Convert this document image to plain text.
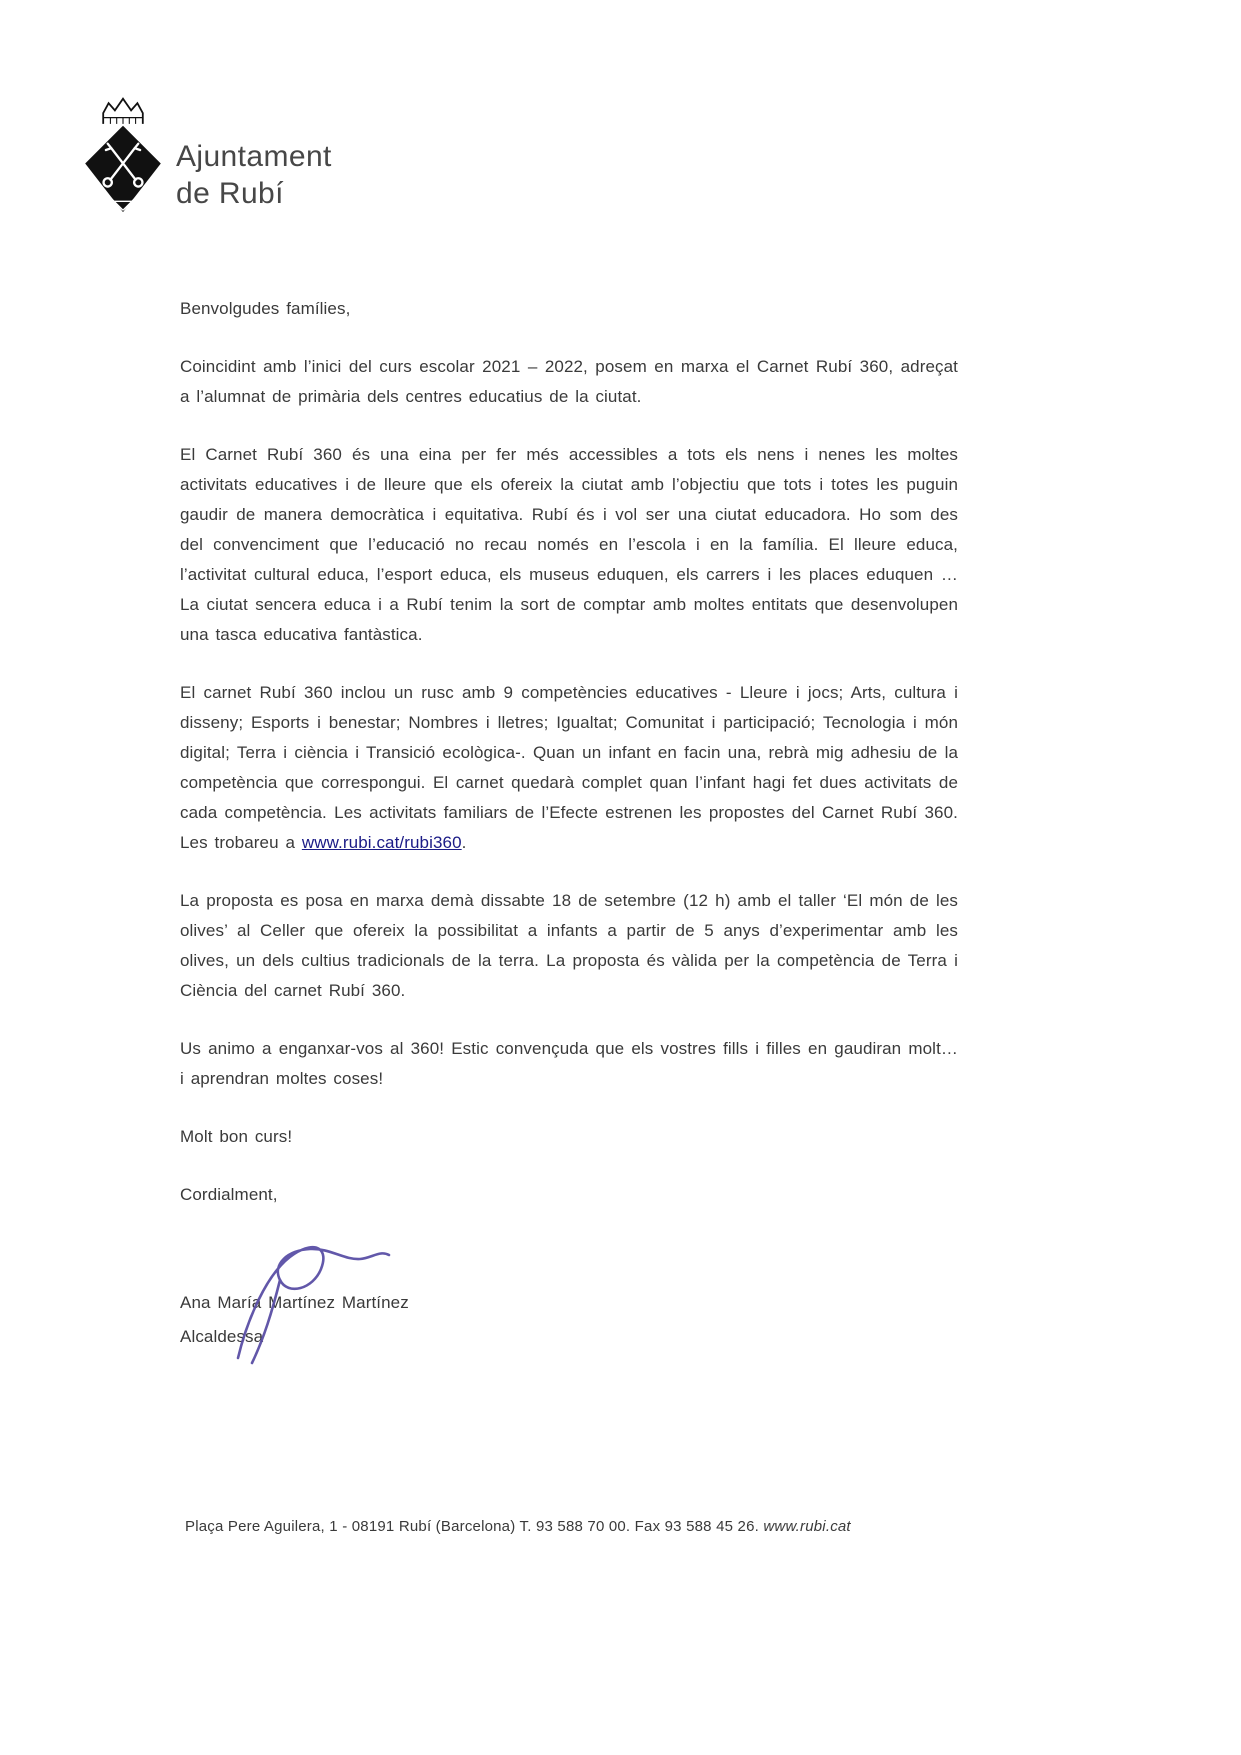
Ajuntament
de Rubí

Benvolgudes famílies,

Coincidint amb l’inici del curs escolar 2021 – 2022, posem en marxa el Carnet Rubí 360, adreçat a l’alumnat de primària dels centres educatius de la ciutat.

El Carnet Rubí 360 és una eina per fer més accessibles a tots els nens i nenes les moltes activitats educatives i de lleure que els ofereix la ciutat amb l’objectiu que tots i totes les puguin gaudir de manera democràtica i equitativa. Rubí és i vol ser una ciutat educadora. Ho som des del convenciment que l’educació no recau només en l’escola i en la família. El lleure educa, l’activitat cultural educa, l’esport educa, els museus eduquen, els carrers i les places eduquen … La ciutat sencera educa i a Rubí tenim la sort de comptar amb moltes entitats que desenvolupen una tasca educativa fantàstica.

El carnet Rubí 360 inclou un rusc amb 9 competències educatives - Lleure i jocs; Arts, cultura i disseny; Esports i benestar; Nombres i lletres; Igualtat; Comunitat i participació; Tecnologia i món digital; Terra i ciència i Transició ecològica-. Quan un infant en facin una, rebrà mig adhesiu de la competència que correspongui. El carnet quedarà complet quan l’infant hagi fet dues activitats de cada competència. Les activitats familiars de l’Efecte estrenen les propostes del Carnet Rubí 360. Les trobareu a www.rubi.cat/rubi360.

La proposta es posa en marxa demà dissabte 18 de setembre (12 h) amb el taller ‘El món de les olives’ al Celler que ofereix la possibilitat a infants a partir de 5 anys d’experimentar amb les olives, un dels cultius tradicionals de la terra. La proposta és vàlida per la competència de Terra i Ciència del carnet Rubí 360.

Us animo a enganxar-vos al 360! Estic convençuda que els vostres fills i filles en gaudiran molt… i aprendran moltes coses!

Molt bon curs!

Cordialment,

Ana María Martínez Martínez
Alcaldessa
Plaça Pere Aguilera, 1 - 08191 Rubí (Barcelona) T. 93 588 70 00. Fax 93 588 45 26. www.rubi.cat
